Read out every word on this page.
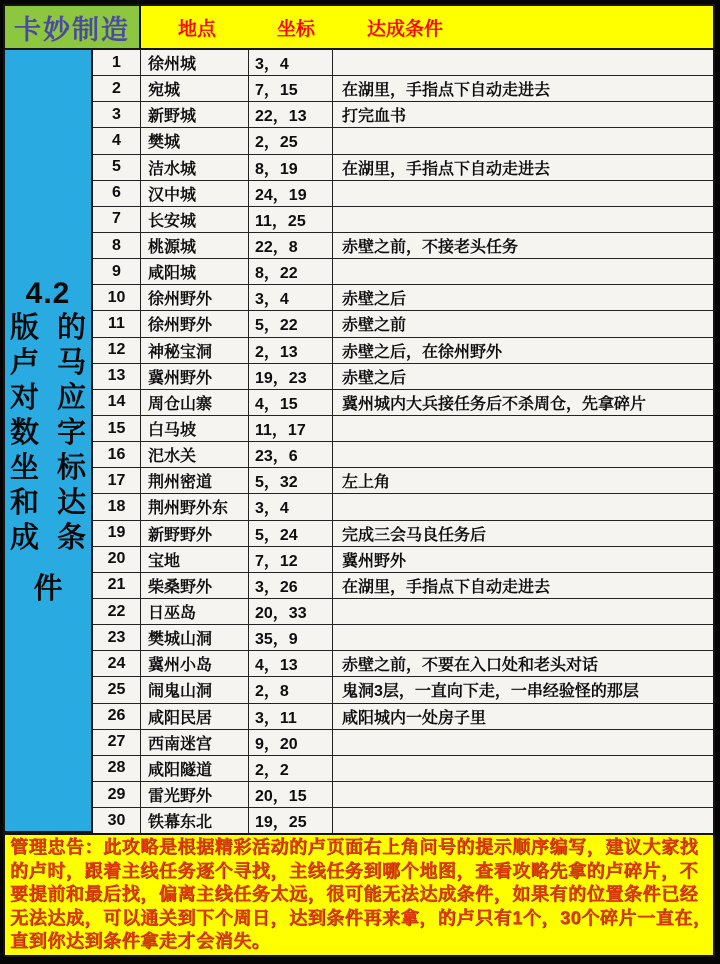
卡妙制造	地点	坐标	达成条件
4.2
版 的
卢 马
对 应
数 字
坐 标
和 达
成 条
件
1	徐州城	3，4
2	宛城	7，15	在湖里，手指点下自动走进去
3	新野城	22，13	打完血书
4	樊城	2，25
5	洁水城	8，19	在湖里，手指点下自动走进去
6	汉中城	24，19
7	长安城	11，25
8	桃源城	22，8	赤壁之前，不接老头任务
9	咸阳城	8，22
10	徐州野外	3，4	赤壁之后
11	徐州野外	5，22	赤壁之前
12	神秘宝洞	2，13	赤壁之后，在徐州野外
13	冀州野外	19，23	赤壁之后
14	周仓山寨	4，15	冀州城内大兵接任务后不杀周仓，先拿碎片
15	白马坡	11，17
16	汜水关	23，6
17	荆州密道	5，32	左上角
18	荆州野外东	3，4
19	新野野外	5，24	完成三会马良任务后
20	宝地	7，12	冀州野外
21	柴桑野外	3，26	在湖里，手指点下自动走进去
22	日巫岛	20，33
23	樊城山洞	35，9
24	冀州小岛	4，13	赤壁之前，不要在入口处和老头对话
25	闹鬼山洞	2，8	鬼洞3层，一直向下走，一串经验怪的那层
26	咸阳民居	3，11	咸阳城内一处房子里
27	西南迷宫	9，20
28	咸阳隧道	2，2
29	雷光野外	20，15
30	铁幕东北	19，25
管理忠告：此攻略是根据精彩活动的卢页面右上角问号的提示顺序编写，建议大家找
的卢时，跟着主线任务逐个寻找，主线任务到哪个地图，查看攻略先拿的卢碎片，不
要提前和最后找，偏离主线任务太远，很可能无法达成条件，如果有的位置条件已经
无法达成，可以通关到下个周日，达到条件再来拿，的卢只有1个，30个碎片一直在，
直到你达到条件拿走才会消失。
